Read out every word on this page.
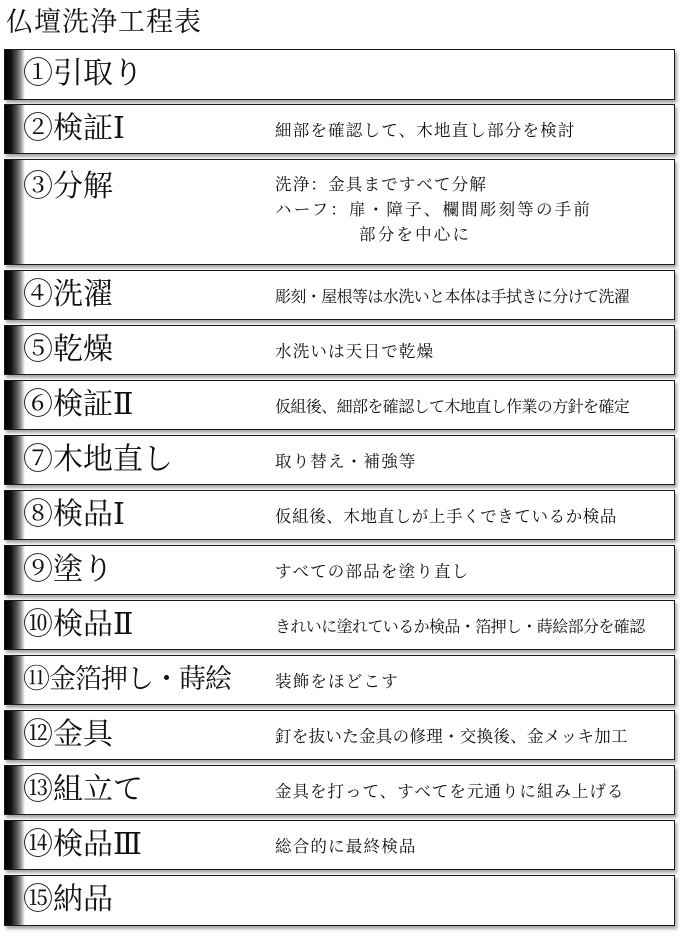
仏壇洗浄工程表
①引取り
②検証Ⅰ	細部を確認して、木地直し部分を検討
③分解	洗浄：金具まですべて分解
ハーフ：扉・障子、欄間彫刻等の手前
部分を中心に
④洗濯	彫刻・屋根等は水洗いと本体は手拭きに分けて洗濯
⑤乾燥	水洗いは天日で乾燥
⑥検証Ⅱ	仮組後、細部を確認して木地直し作業の方針を確定
⑦木地直し	取り替え・補強等
⑧検品Ⅰ	仮組後、木地直しが上手くできているか検品
⑨塗り	すべての部品を塗り直し
⑩検品Ⅱ	きれいに塗れているか検品・箔押し・蒔絵部分を確認
⑪金箔押し・蒔絵	装飾をほどこす
⑫金具	釘を抜いた金具の修理・交換後、金メッキ加工
⑬組立て	金具を打って、すべてを元通りに組み上げる
⑭検品Ⅲ	総合的に最終検品
⑮納品
